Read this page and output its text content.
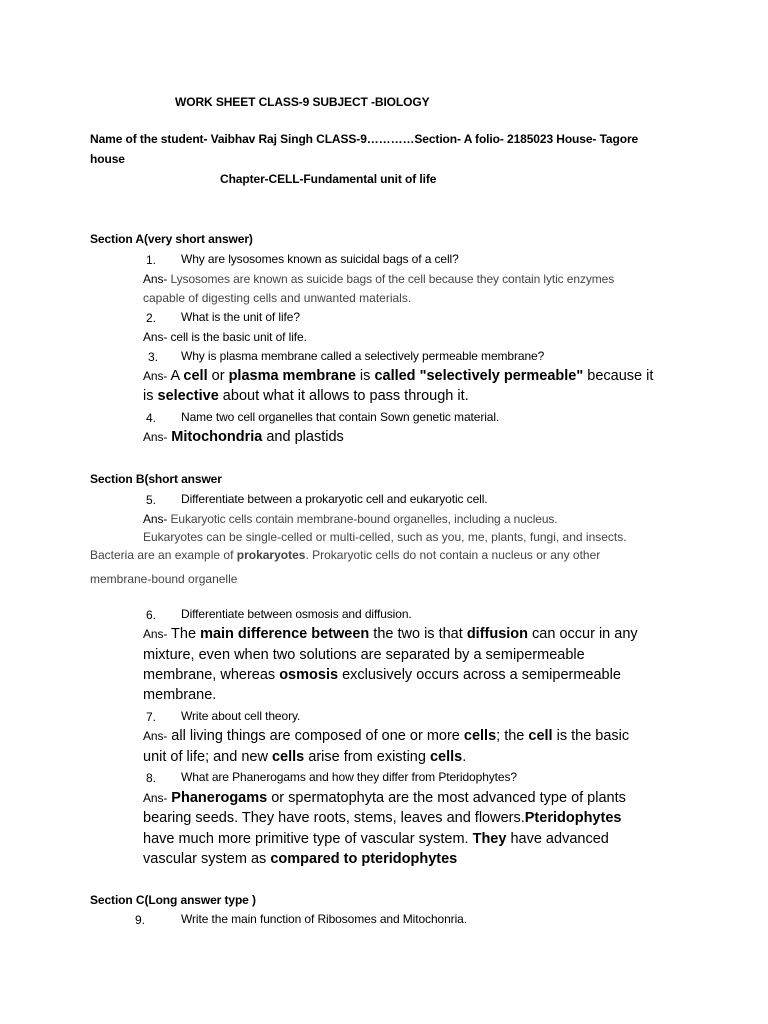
WORK SHEET CLASS-9 SUBJECT -BIOLOGY
Name of the student- Vaibhav Raj Singh CLASS-9…………Section- A folio- 2185023 House- Tagore
house
Chapter-CELL-Fundamental unit of life
Section A(very short answer)
1. Why are lysosomes known as suicidal bags of a cell?
Ans- Lysosomes are known as suicide bags of the cell because they contain lytic enzymes
capable of digesting cells and unwanted materials.
2. What is the unit of life?
Ans- cell is the basic unit of life.
3. Why is plasma membrane called a selectively permeable membrane?
Ans- A cell or plasma membrane is called "selectively permeable" because it
is selective about what it allows to pass through it.
4. Name two cell organelles that contain Sown genetic material.
Ans- Mitochondria and plastids
Section B(short answer
5. Differentiate between a prokaryotic cell and eukaryotic cell.
Ans- Eukaryotic cells contain membrane-bound organelles, including a nucleus.
Eukaryotes can be single-celled or multi-celled, such as you, me, plants, fungi, and insects.
Bacteria are an example of prokaryotes. Prokaryotic cells do not contain a nucleus or any other
membrane-bound organelle
6. Differentiate between osmosis and diffusion.
Ans- The main difference between the two is that diffusion can occur in any
mixture, even when two solutions are separated by a semipermeable
membrane, whereas osmosis exclusively occurs across a semipermeable
membrane.
7. Write about cell theory.
Ans- all living things are composed of one or more cells; the cell is the basic
unit of life; and new cells arise from existing cells.
8. What are Phanerogams and how they differ from Pteridophytes?
Ans- Phanerogams or spermatophyta are the most advanced type of plants
bearing seeds. They have roots, stems, leaves and flowers.Pteridophytes
have much more primitive type of vascular system. They have advanced
vascular system as compared to pteridophytes
Section C(Long answer type )
9.	Write the main function of Ribosomes and Mitochonria.
